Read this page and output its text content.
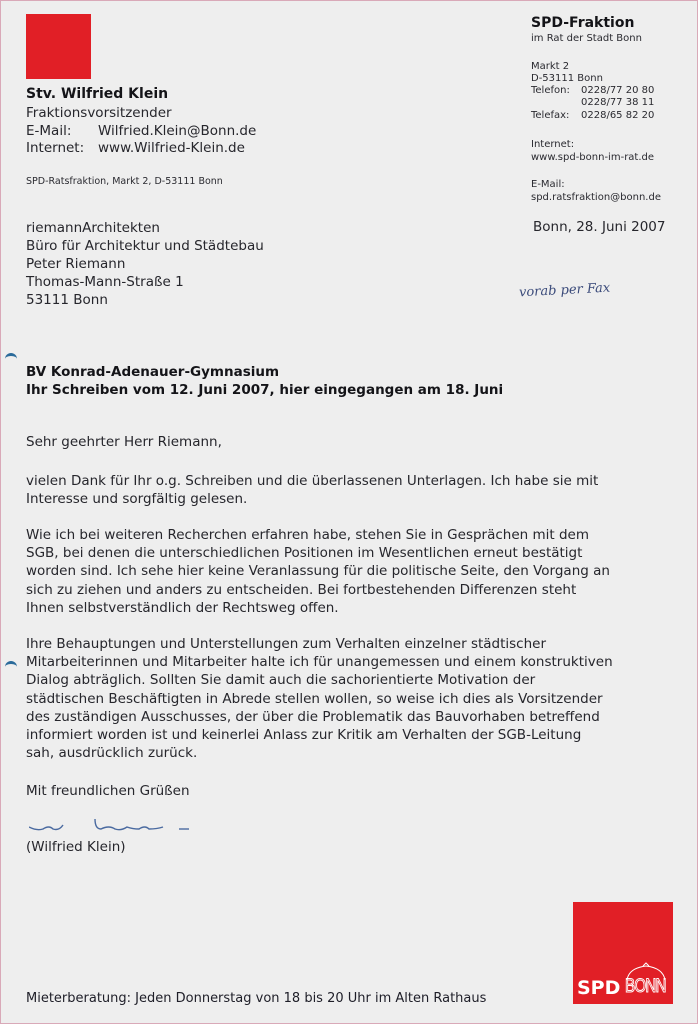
Stv. Wilfried Klein
Fraktionsvorsitzender
E-Mail: Wilfried.Klein@Bonn.de
Internet: www.Wilfried-Klein.de
SPD-Ratsfraktion, Markt 2, D-53111 Bonn
SPD-Fraktion
im Rat der Stadt Bonn
Markt 2
D-53111 Bonn
Telefon: 0228/77 20 80
0228/77 38 11
Telefax: 0228/65 82 20
Internet:
www.spd-bonn-im-rat.de
E-Mail:
spd.ratsfraktion@bonn.de
Bonn, 28. Juni 2007
riemannArchitekten
Büro für Architektur und Städtebau
Peter Riemann
Thomas-Mann-Straße 1
53111 Bonn	vorab per Fax
BV Konrad-Adenauer-Gymnasium
Ihr Schreiben vom 12. Juni 2007, hier eingegangen am 18. Juni

Sehr geehrter Herr Riemann,

vielen Dank für Ihr o.g. Schreiben und die überlassenen Unterlagen. Ich habe sie mit

Interesse und sorgfältig gelesen.

Wie ich bei weiteren Recherchen erfahren habe, stehen Sie in Gesprächen mit dem

SGB, bei denen die unterschiedlichen Positionen im Wesentlichen erneut bestätigt

worden sind. Ich sehe hier keine Veranlassung für die politische Seite, den Vorgang an

sich zu ziehen und anders zu entscheiden. Bei fortbestehenden Differenzen steht

Ihnen selbstverständlich der Rechtsweg offen.

Ihre Behauptungen und Unterstellungen zum Verhalten einzelner städtischer

Mitarbeiterinnen und Mitarbeiter halte ich für unangemessen und einem konstruktiven

Dialog abträglich. Sollten Sie damit auch die sachorientierte Motivation der

städtischen Beschäftigten in Abrede stellen wollen, so weise ich dies als Vorsitzender

des zuständigen Ausschusses, der über die Problematik das Bauvorhaben betreffend

informiert worden ist und keinerlei Anlass zur Kritik am Verhalten der SGB-Leitung

sah, ausdrücklich zurück.

Mit freundlichen Grüßen

(Wilfried Klein)
Mieterberatung: Jeden Donnerstag von 18 bis 20 Uhr im Alten Rathaus	SPD BONN
